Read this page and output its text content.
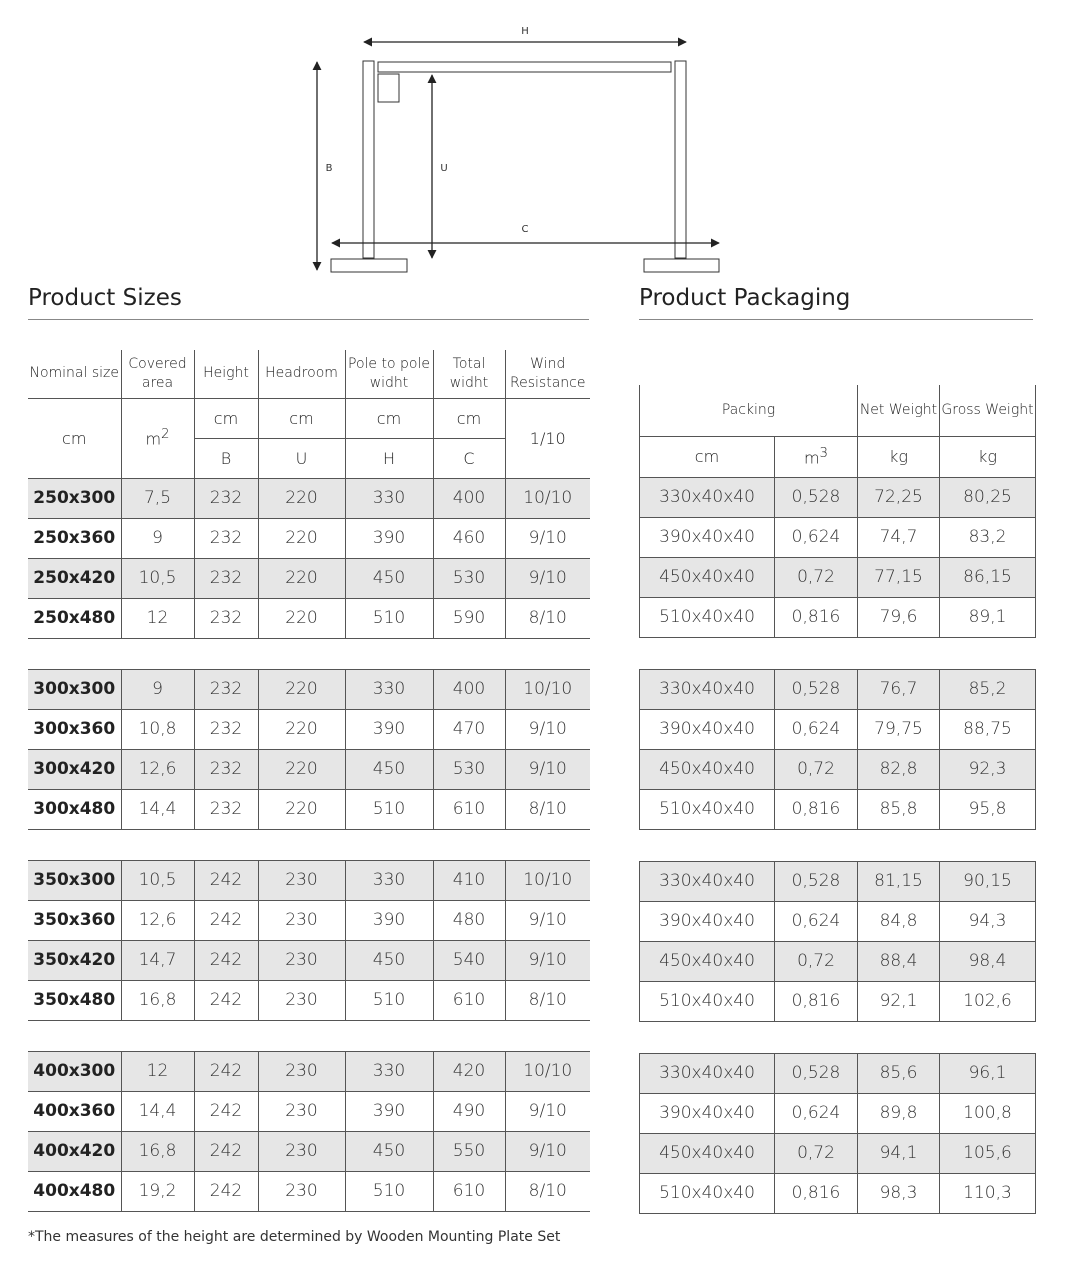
H
B	U
C
Product Sizes	Product Packaging
Nominal size	Covered area	Height	Headroom	Pole to pole widht	Total widht	Wind Resistance
cm	$m^2$	cm	cm	cm	cm	1/10
		B	U	H	C	
250x300	7,5	232	220	330	400	10/10
250x360	9	232	220	390	460	9/10
250x420	10,5	232	220	450	530	9/10
250x480	12	232	220	510	590	8/10

300x300	9	232	220	330	400	10/10
300x360	10,8	232	220	390	470	9/10
300x420	12,6	232	220	450	530	9/10
300x480	14,4	232	220	510	610	8/10

350x300	10,5	242	230	330	410	10/10
350x360	12,6	242	230	390	480	9/10
350x420	14,7	242	230	450	540	9/10
350x480	16,8	242	230	510	610	8/10

400x300	12	242	230	330	420	10/10
400x360	14,4	242	230	390	490	9/10
400x420	16,8	242	230	450	550	9/10
400x480	19,2	242	230	510	610	8/10
Packing		Net Weight	Gross Weight
cm	$m^3$	kg	kg
330x40x40	0,528	72,25	80,25
390x40x40	0,624	74,7	83,2
450x40x40	0,72	77,15	86,15
510x40x40	0,816	79,6	89,1

330x40x40	0,528	76,7	85,2
390x40x40	0,624	79,75	88,75
450x40x40	0,72	82,8	92,3
510x40x40	0,816	85,8	95,8

330x40x40	0,528	81,15	90,15
390x40x40	0,624	84,8	94,3
450x40x40	0,72	88,4	98,4
510x40x40	0,816	92,1	102,6

330x40x40	0,528	85,6	96,1
390x40x40	0,624	89,8	100,8
450x40x40	0,72	94,1	105,6
510x40x40	0,816	98,3	110,3
*The measures of the height are determined by Wooden Mounting Plate Set
